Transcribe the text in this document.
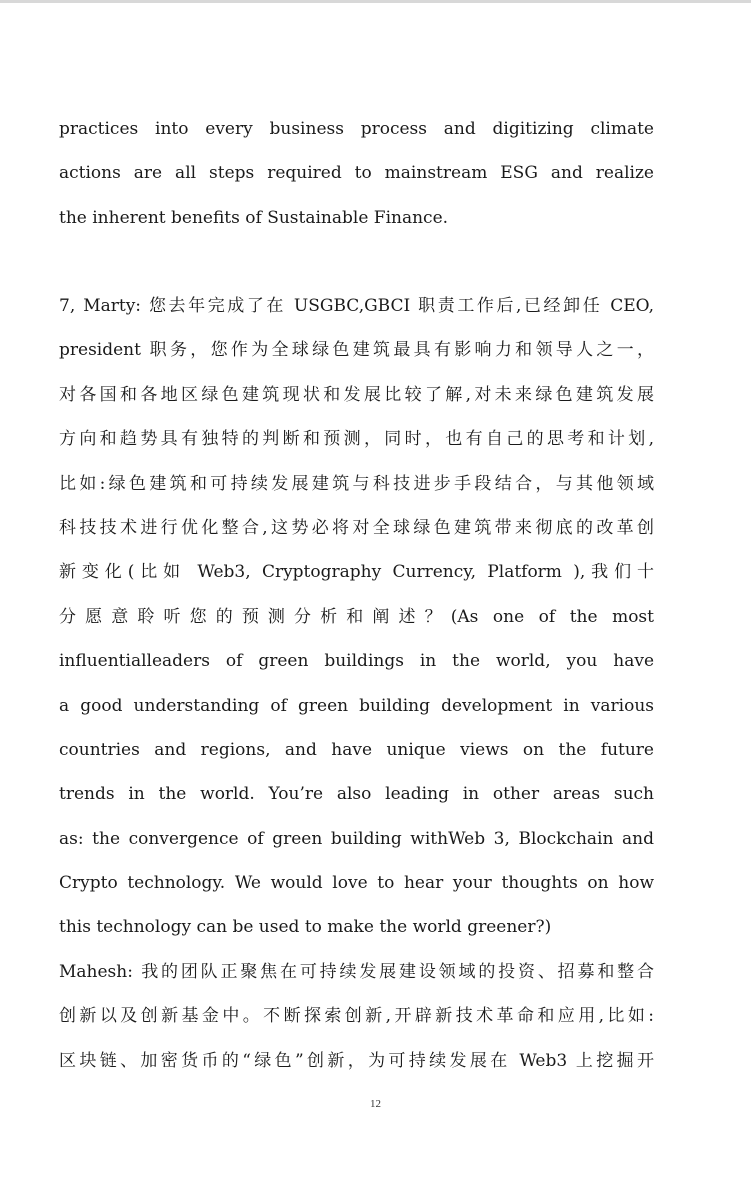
practices into every business process and digitizing climate
actions are all steps required to mainstream ESG and realize
the inherent benefits of Sustainable Finance.
7, Marty: 您去年完成了在 USGBC,GBCI 职责工作后,已经卸任 CEO,
president 职务，您作为全球绿色建筑最具有影响力和领导人之一，
对各国和各地区绿色建筑现状和发展比较了解,对未来绿色建筑发展
方向和趋势具有独特的判断和预测，同时，也有自己的思考和计划,
比如:绿色建筑和可持续发展建筑与科技进步手段结合，与其他领域
科技技术进行优化整合,这势必将对全球绿色建筑带来彻底的改革创
新变化(比如 Web3, Cryptography Currency, Platform ),我们十
分愿意聆听您的预测分析和阐述？(As one of the most
influentialleaders of green buildings in the world, you have
a good understanding of green building development in various
countries and regions, and have unique views on the future
trends in the world. You’re also leading in other areas such
as: the convergence of green building withWeb 3, Blockchain and
Crypto technology. We would love to hear your thoughts on how
this technology can be used to make the world greener?)
Mahesh: 我的团队正聚焦在可持续发展建设领域的投资、招募和整合
创新以及创新基金中。不断探索创新,开辟新技术革命和应用,比如:
区块链、加密货币的“绿色”创新，为可持续发展在 Web3 上挖掘开
12
